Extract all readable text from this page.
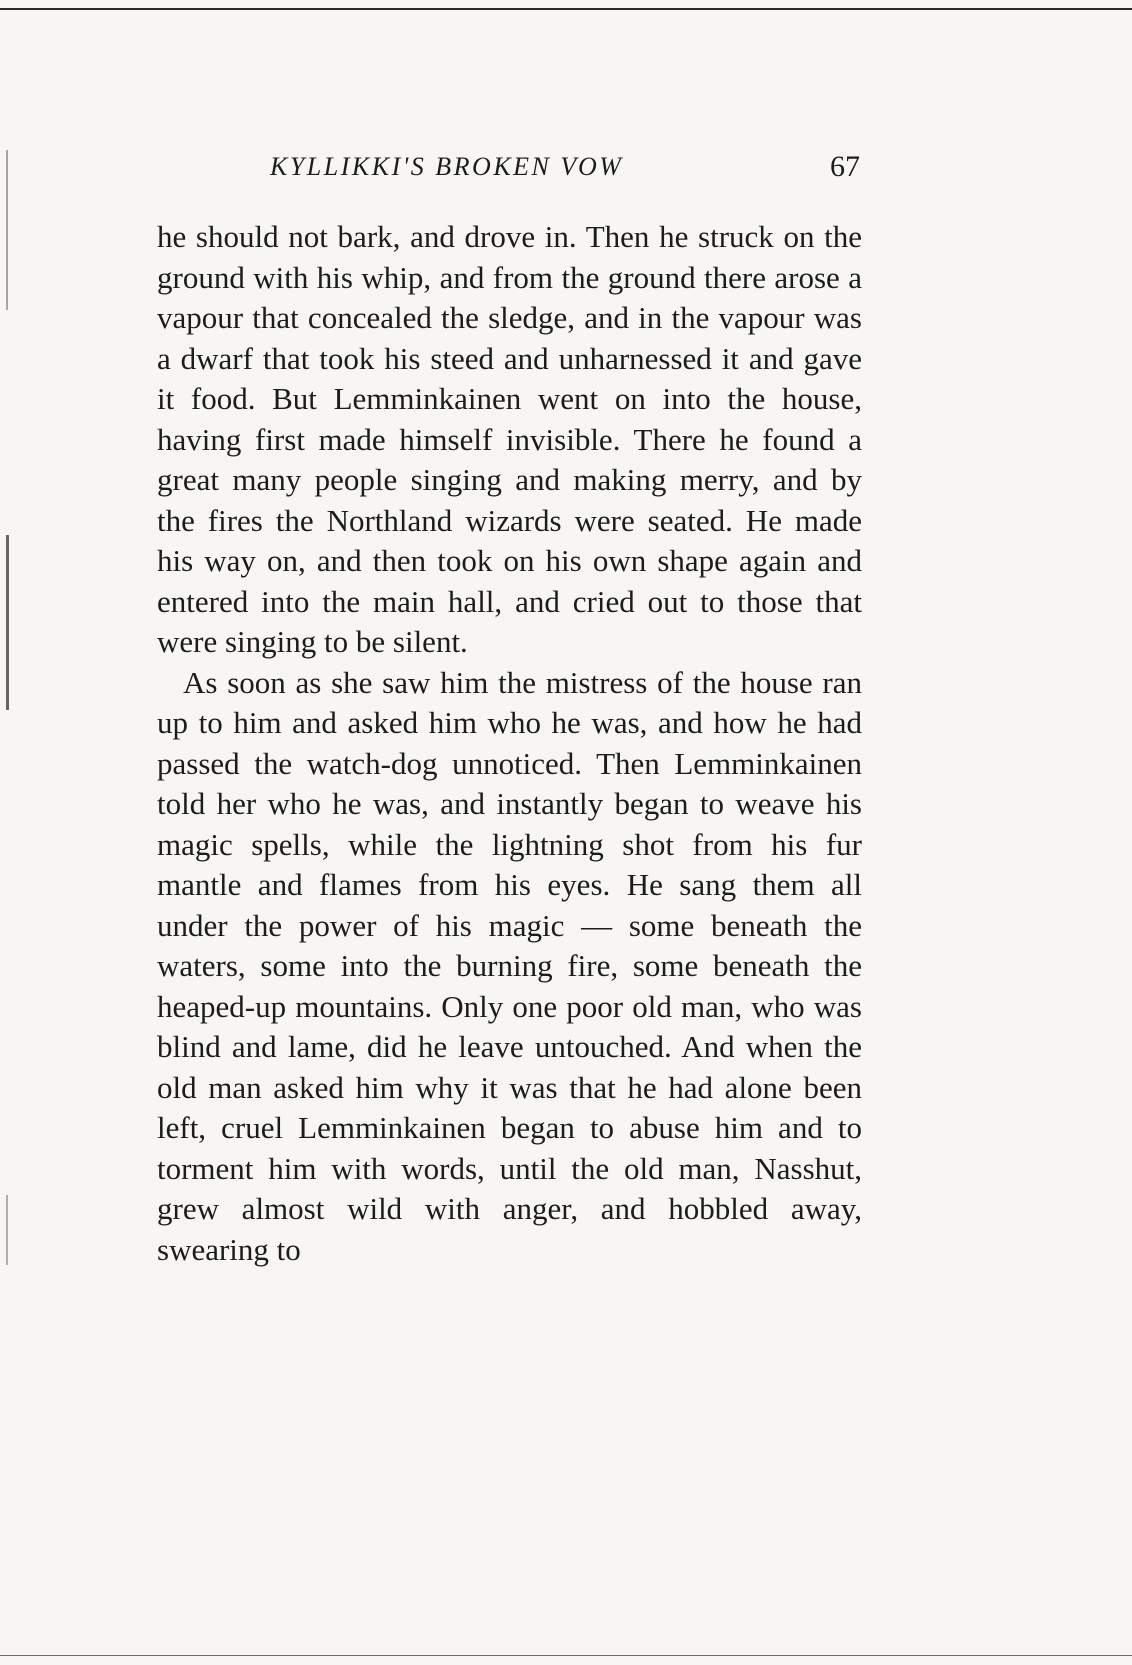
KYLLIKKI'S BROKEN VOW	67

he should not bark, and drove in. Then he struck on the ground with his whip, and from the ground there arose a vapour that concealed the sledge, and in the vapour was a dwarf that took his steed and unharnessed it and gave it food. But Lemminkainen went on into the house, having first made himself invisible. There he found a great many people singing and making merry, and by the fires the Northland wizards were seated. He made his way on, and then took on his own shape again and entered into the main hall, and cried out to those that were singing to be silent.

As soon as she saw him the mistress of the house ran up to him and asked him who he was, and how he had passed the watch-dog unnoticed. Then Lemminkainen told her who he was, and instantly began to weave his magic spells, while the lightning shot from his fur mantle and flames from his eyes. He sang them all under the power of his magic — some beneath the waters, some into the burning fire, some beneath the heaped-up mountains. Only one poor old man, who was blind and lame, did he leave untouched. And when the old man asked him why it was that he had alone been left, cruel Lemminkainen began to abuse him and to torment him with words, until the old man, Nasshut, grew almost wild with anger, and hobbled away, swearing to
